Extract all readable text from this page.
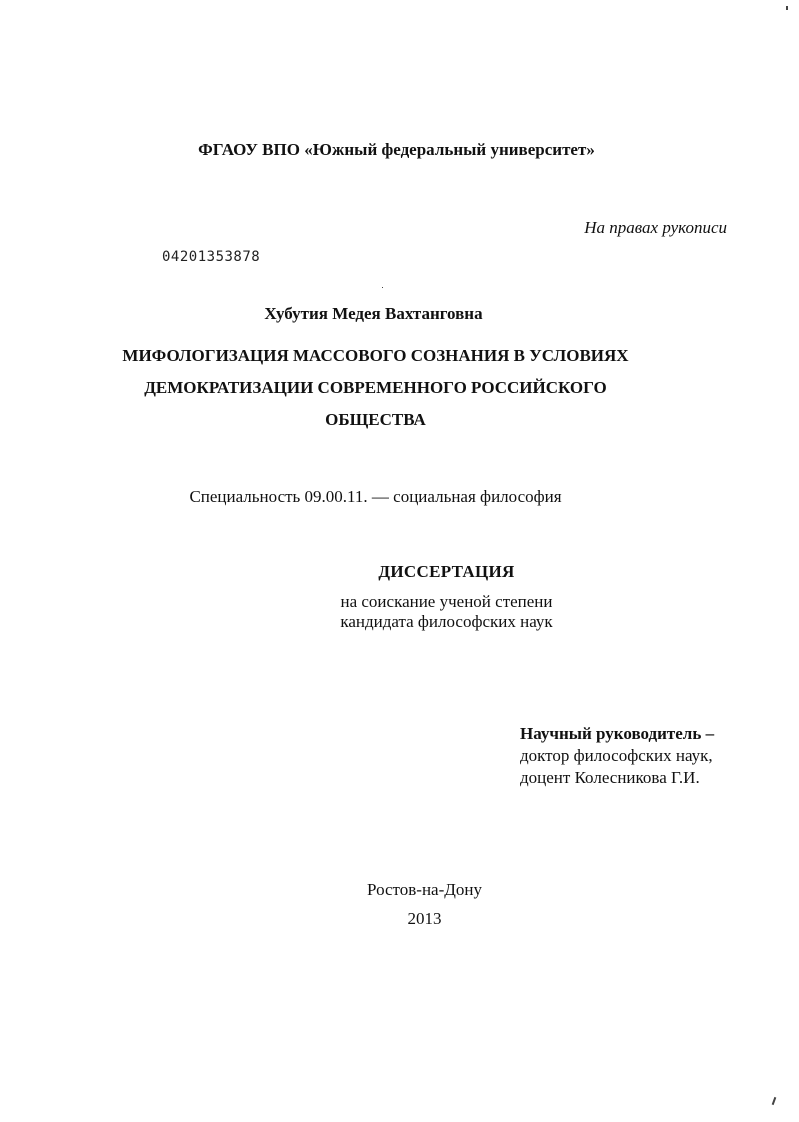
ФГАОУ ВПО «Южный федеральный университет»
На правах рукописи
04201353878
Хубутия Медея Вахтанговна
МИФОЛОГИЗАЦИЯ МАССОВОГО СОЗНАНИЯ В УСЛОВИЯХ
ДЕМОКРАТИЗАЦИИ СОВРЕМЕННОГО РОССИЙСКОГО
ОБЩЕСТВА
Специальность 09.00.11. — социальная философия
ДИССЕРТАЦИЯ
на соискание ученой степени
кандидата философских наук
Научный руководитель –
доктор философских наук,
доцент Колесникова Г.И.
Ростов-на-Дону
2013
